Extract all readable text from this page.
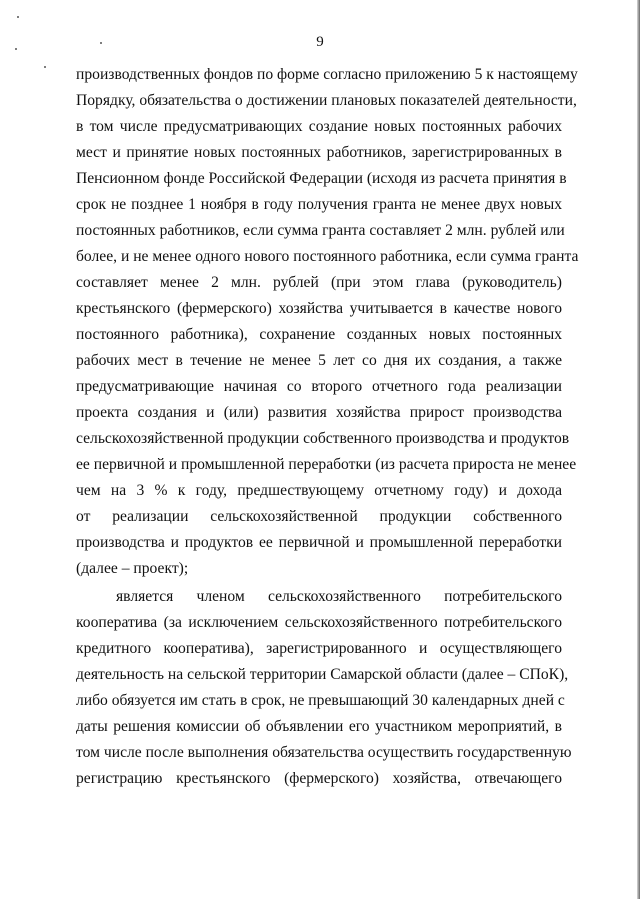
9
производственных фондов по форме согласно приложению 5 к настоящему
Порядку, обязательства о достижении плановых показателей деятельности,
в том числе предусматривающих создание новых постоянных рабочих
мест и принятие новых постоянных работников, зарегистрированных в
Пенсионном фонде Российской Федерации (исходя из расчета принятия в
срок не позднее 1 ноября в году получения гранта не менее двух новых
постоянных работников, если сумма гранта составляет 2 млн. рублей или
более, и не менее одного нового постоянного работника, если сумма гранта
составляет менее 2 млн. рублей (при этом глава (руководитель)
крестьянского (фермерского) хозяйства учитывается в качестве нового
постоянного работника), сохранение созданных новых постоянных
рабочих мест в течение не менее 5 лет со дня их создания, а также
предусматривающие начиная со второго отчетного года реализации
проекта создания и (или) развития хозяйства прирост производства
сельскохозяйственной продукции собственного производства и продуктов
ее первичной и промышленной переработки (из расчета прироста не менее
чем на 3 % к году, предшествующему отчетному году) и дохода
от реализации сельскохозяйственной продукции собственного
производства и продуктов ее первичной и промышленной переработки
(далее – проект);
является членом сельскохозяйственного потребительского
кооператива (за исключением сельскохозяйственного потребительского
кредитного кооператива), зарегистрированного и осуществляющего
деятельность на сельской территории Самарской области (далее – СПоК),
либо обязуется им стать в срок, не превышающий 30 календарных дней с
даты решения комиссии об объявлении его участником мероприятий, в
том числе после выполнения обязательства осуществить государственную
регистрацию крестьянского (фермерского) хозяйства, отвечающего
